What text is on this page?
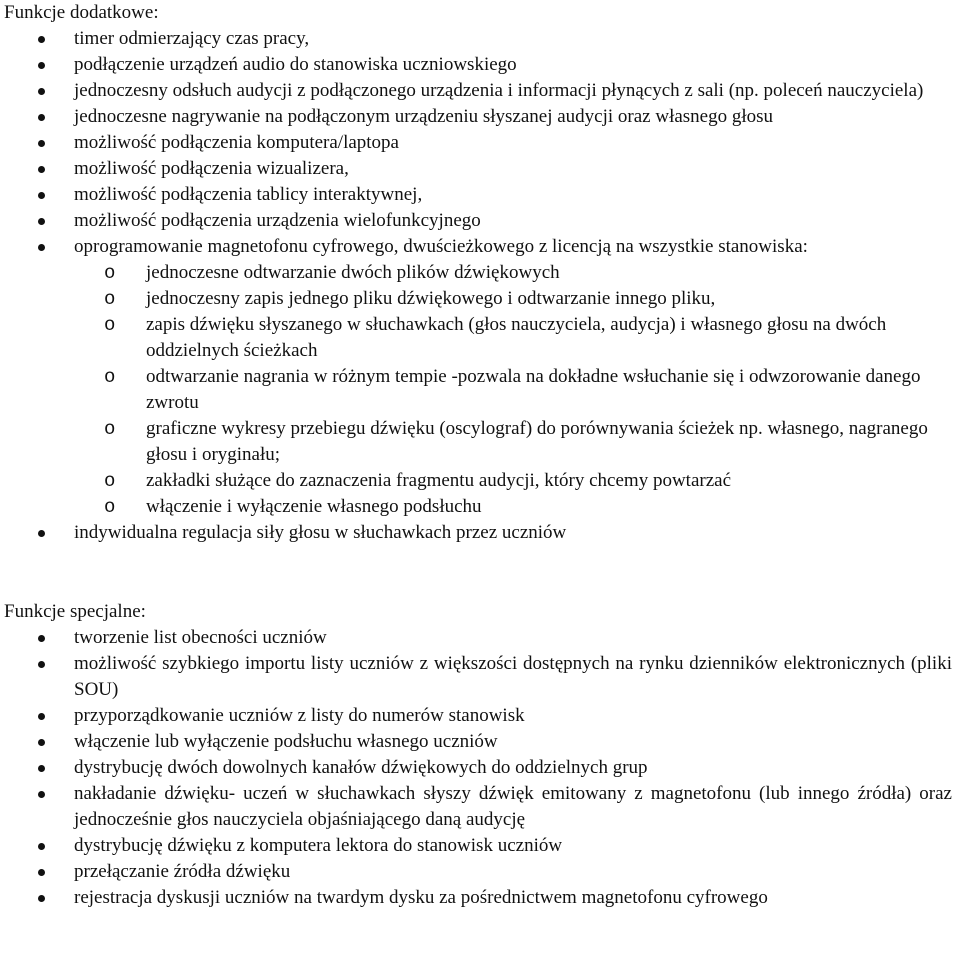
Funkcje dodatkowe:

timer odmierzający czas pracy,
podłączenie urządzeń audio do stanowiska uczniowskiego
jednoczesny odsłuch audycji z podłączonego urządzenia i informacji płynących z sali (np. poleceń nauczyciela)
jednoczesne nagrywanie na podłączonym urządzeniu słyszanej audycji oraz własnego głosu
możliwość podłączenia komputera/laptopa
możliwość podłączenia wizualizera,
możliwość podłączenia tablicy interaktywnej,
możliwość podłączenia urządzenia wielofunkcyjnego
oprogramowanie magnetofonu cyfrowego, dwuścieżkowego z licencją na wszystkie stanowiska:
o jednoczesne odtwarzanie dwóch plików dźwiękowych
o jednoczesny zapis jednego pliku dźwiękowego i odtwarzanie innego pliku,
o zapis dźwięku słyszanego w słuchawkach (głos nauczyciela, audycja) i własnego głosu na dwóch oddzielnych ścieżkach
o odtwarzanie nagrania w różnym tempie -pozwala na dokładne wsłuchanie się i odwzorowanie danego zwrotu
o graficzne wykresy przebiegu dźwięku (oscylograf) do porównywania ścieżek np. własnego, nagranego głosu i oryginału;
o zakładki służące do zaznaczenia fragmentu audycji, który chcemy powtarzać
o włączenie i wyłączenie własnego podsłuchu
indywidualna regulacja siły głosu w słuchawkach przez uczniów

Funkcje specjalne:

tworzenie list obecności uczniów
możliwość szybkiego importu listy uczniów z większości dostępnych na rynku dzienników elektronicznych (pliki SOU)
przyporządkowanie uczniów z listy do numerów stanowisk
włączenie lub wyłączenie podsłuchu własnego uczniów
dystrybucję dwóch dowolnych kanałów dźwiękowych do oddzielnych grup
nakładanie dźwięku- uczeń w słuchawkach słyszy dźwięk emitowany z magnetofonu (lub innego źródła) oraz jednocześnie głos nauczyciela objaśniającego daną audycję
dystrybucję dźwięku z komputera lektora do stanowisk uczniów
przełączanie źródła dźwięku
rejestracja dyskusji uczniów na twardym dysku za pośrednictwem magnetofonu cyfrowego
